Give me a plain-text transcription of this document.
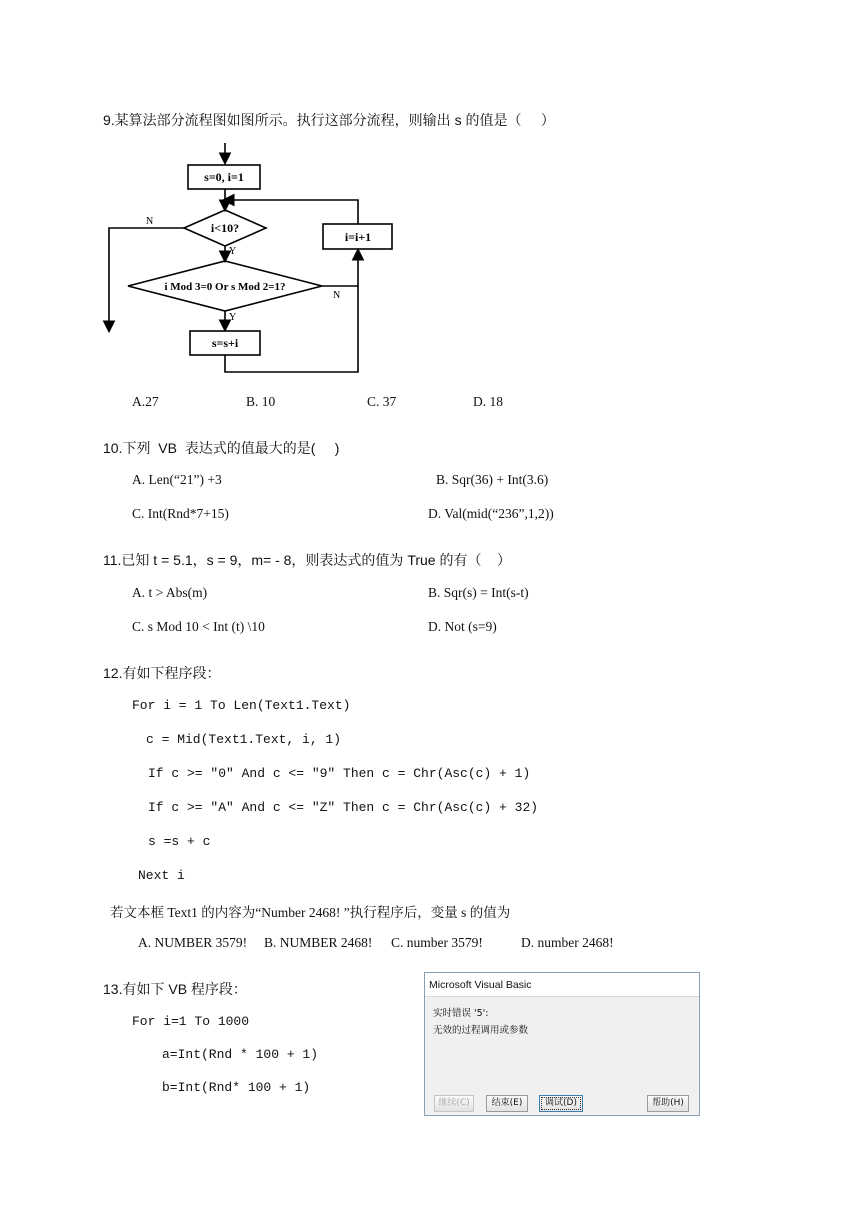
9.某算法部分流程图如图所示。执行这部分流程，则输出 s 的值是（     ）
s=0, i=1
i<10?
i Mod 3=0 Or s Mod 2=1?
s=s+i
i=i+1
N
Y
N
Y
A.27	B. 10	C. 37	D. 18
10.下列  VB  表达式的值最大的是(     )
A. Len(“21”) +3	B. Sqr(36) + Int(3.6)
C. Int(Rnd*7+15)	D. Val(mid(“236”,1,2))
11.已知 t = 5.1，s = 9，m= - 8，则表达式的值为 True 的有（    ）
A. t > Abs(m)	B. Sqr(s) = Int(s-t)
C. s Mod 10 < Int (t) \10	D. Not (s=9)
12.有如下程序段：
For i = 1 To Len(Text1.Text)
c = Mid(Text1.Text, i, 1)
If c >= "0" And c <= "9" Then c = Chr(Asc(c) + 1)
If c >= "A" And c <= "Z" Then c = Chr(Asc(c) + 32)
s =s + c
Next i
若文本框 Text1 的内容为“Number 2468! ”执行程序后，变量 s 的值为
A. NUMBER 3579! B. NUMBER 2468! C. number 3579!	D. number 2468!
13.有如下 VB 程序段：
For i=1 To 1000
a=Int(Rnd * 100 + 1)
b=Int(Rnd* 100 + 1)
Microsoft Visual Basic
实时错误 '5':
无效的过程调用或参数
继续(C)	结束(E)	调试(D)	帮助(H)
